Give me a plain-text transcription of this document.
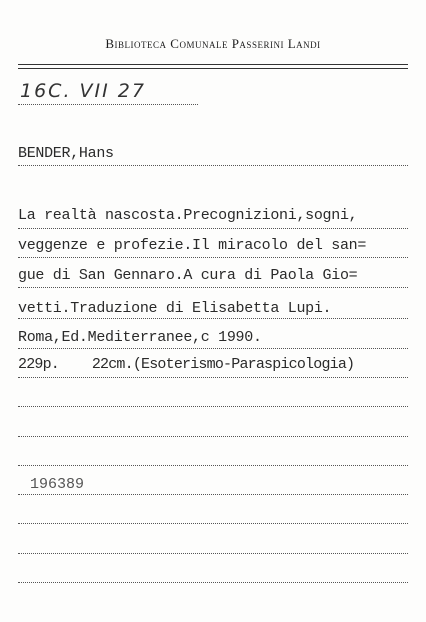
Biblioteca Comunale Passerini Landi
16C. VII 27
BENDER,Hans
La realtà nascosta.Precognizioni,sogni,
veggenze e profezie.Il miracolo del san=
gue di San Gennaro.A cura di Paola Gio=
vetti.Traduzione di Elisabetta Lupi.
Roma,Ed.Mediterranee,c 1990.
229p.    22cm.(Esoterismo-Paraspicologia)
196389
